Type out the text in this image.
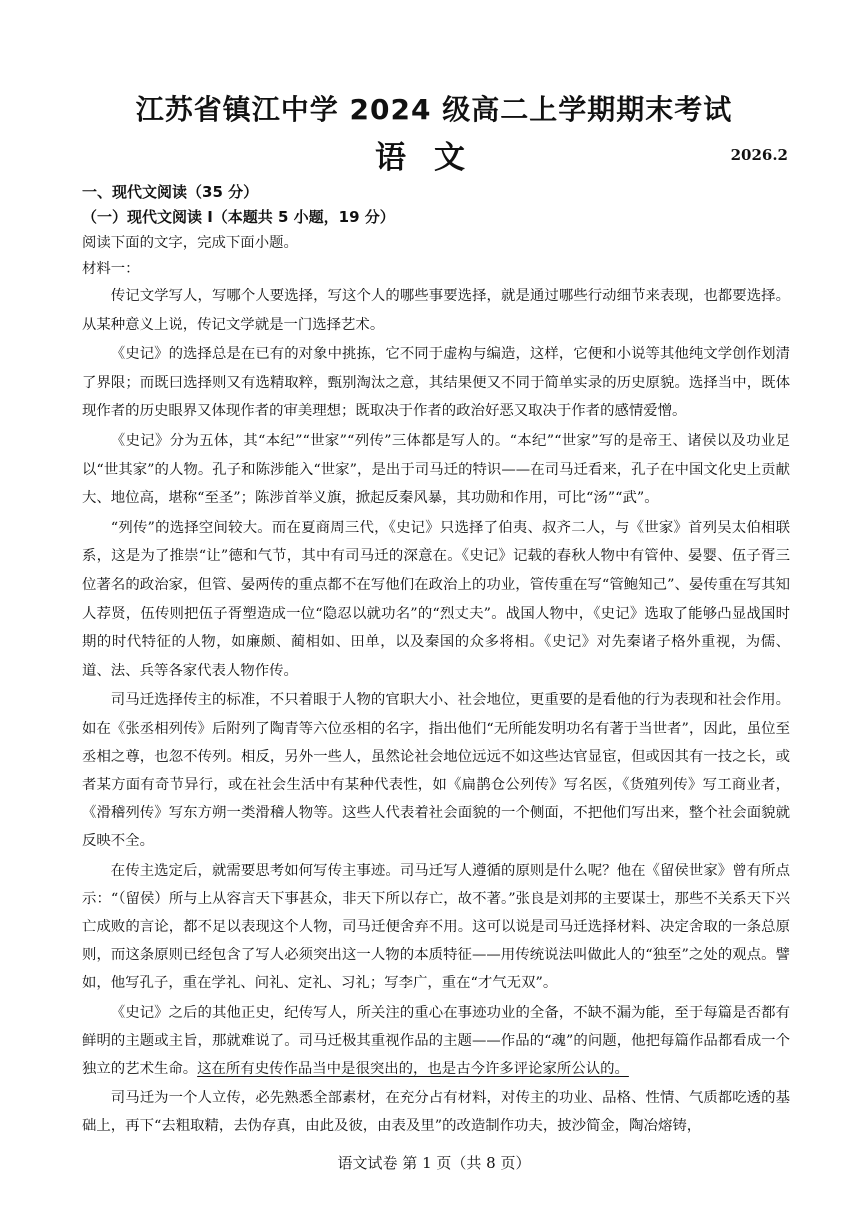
江苏省镇江中学 2024 级高二上学期期末考试
语文	2026.2
一、现代文阅读（35 分）
（一）现代文阅读 I（本题共 5 小题，19 分）
阅读下面的文字，完成下面小题。
材料一：

传记文学写人，写哪个人要选择，写这个人的哪些事要选择，就是通过哪些行动细节来表现，也都要选择。从某种意义上说，传记文学就是一门选择艺术。

《史记》的选择总是在已有的对象中挑拣，它不同于虚构与编造，这样，它便和小说等其他纯文学创作划清了界限；而既曰选择则又有选精取粹，甄别淘汰之意，其结果便又不同于简单实录的历史原貌。选择当中，既体现作者的历史眼界又体现作者的审美理想；既取决于作者的政治好恶又取决于作者的感情爱憎。

《史记》分为五体，其“本纪”“世家”“列传”三体都是写人的。“本纪”“世家”写的是帝王、诸侯以及功业足以“世其家”的人物。孔子和陈涉能入“世家”，是出于司马迁的特识——在司马迁看来，孔子在中国文化史上贡献大、地位高，堪称“至圣”；陈涉首举义旗，掀起反秦风暴，其功勋和作用，可比“汤”“武”。

“列传”的选择空间较大。而在夏商周三代，《史记》只选择了伯夷、叔齐二人，与《世家》首列吴太伯相联系，这是为了推崇“让”德和气节，其中有司马迁的深意在。《史记》记载的春秋人物中有管仲、晏婴、伍子胥三位著名的政治家，但管、晏两传的重点都不在写他们在政治上的功业，管传重在写“管鲍知己”、晏传重在写其知人荐贤，伍传则把伍子胥塑造成一位“隐忍以就功名”的“烈丈夫”。战国人物中，《史记》选取了能够凸显战国时期的时代特征的人物，如廉颇、蔺相如、田单，以及秦国的众多将相。《史记》对先秦诸子格外重视，为儒、道、法、兵等各家代表人物作传。

司马迁选择传主的标准，不只着眼于人物的官职大小、社会地位，更重要的是看他的行为表现和社会作用。如在《张丞相列传》后附列了陶青等六位丞相的名字，指出他们“无所能发明功名有著于当世者”，因此，虽位至丞相之尊，也忽不传列。相反，另外一些人，虽然论社会地位远远不如这些达官显宦，但或因其有一技之长，或者某方面有奇节异行，或在社会生活中有某种代表性，如《扁鹊仓公列传》写名医，《货殖列传》写工商业者，《滑稽列传》写东方朔一类滑稽人物等。这些人代表着社会面貌的一个侧面，不把他们写出来，整个社会面貌就反映不全。

在传主选定后，就需要思考如何写传主事迹。司马迁写人遵循的原则是什么呢？他在《留侯世家》曾有所点示：“（留侯）所与上从容言天下事甚众，非天下所以存亡，故不著。”张良是刘邦的主要谋士，那些不关系天下兴亡成败的言论，都不足以表现这个人物，司马迁便舍弃不用。这可以说是司马迁选择材料、决定舍取的一条总原则，而这条原则已经包含了写人必须突出这一人物的本质特征——用传统说法叫做此人的“独至”之处的观点。譬如，他写孔子，重在学礼、问礼、定礼、习礼；写李广，重在“才气无双”。

《史记》之后的其他正史，纪传写人，所关注的重心在事迹功业的全备，不缺不漏为能，至于每篇是否都有鲜明的主题或主旨，那就难说了。司马迁极其重视作品的主题——作品的“魂”的问题，他把每篇作品都看成一个独立的艺术生命。这在所有史传作品当中是很突出的，也是古今许多评论家所公认的。

司马迁为一个人立传，必先熟悉全部素材，在充分占有材料，对传主的功业、品格、性情、气质都吃透的基础上，再下“去粗取精，去伪存真，由此及彼，由表及里”的改造制作功夫，披沙简金，陶冶熔铸，

语文试卷 第 1 页（共 8 页）
